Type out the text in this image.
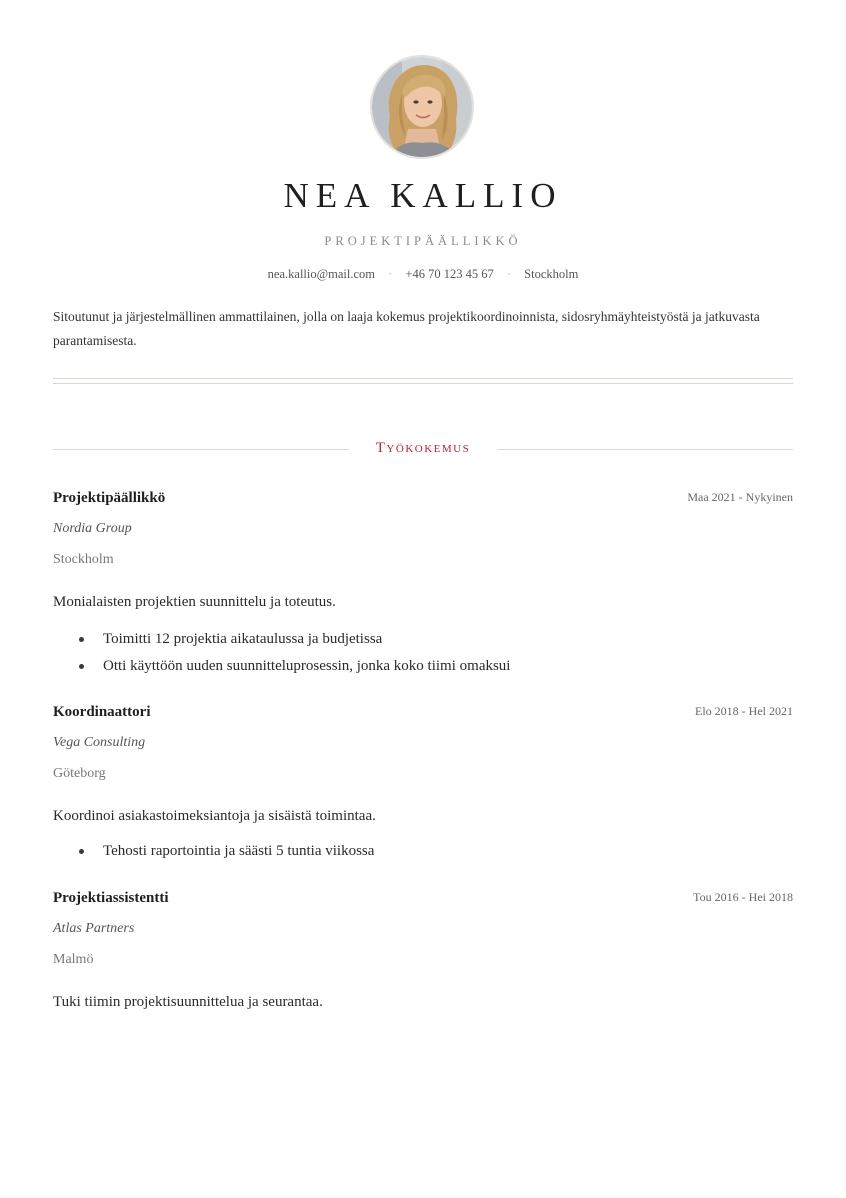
NEA KALLIO
PROJEKTIPÄÄLLIKKÖ
nea.kallio@mail.com · +46 70 123 45 67 · Stockholm
Sitoutunut ja järjestelmällinen ammattilainen, jolla on laaja kokemus projektikoordinoinnista, sidosryhmäyhteistyöstä ja jatkuvasta parantamisesta.
Työkokemus
Projektipäällikkö	Maa 2021 - Nykyinen
Nordia Group
Stockholm
Monialaisten projektien suunnittelu ja toteutus.
Toimitti 12 projektia aikataulussa ja budjetissa
Otti käyttöön uuden suunnitteluprosessin, jonka koko tiimi omaksui
Koordinaattori	Elo 2018 - Hel 2021
Vega Consulting
Göteborg
Koordinoi asiakastoimeksiantoja ja sisäistä toimintaa.
Tehosti raportointia ja säästi 5 tuntia viikossa
Projektiassistentti	Tou 2016 - Hei 2018
Atlas Partners
Malmö
Tuki tiimin projektisuunnittelua ja seurantaa.
